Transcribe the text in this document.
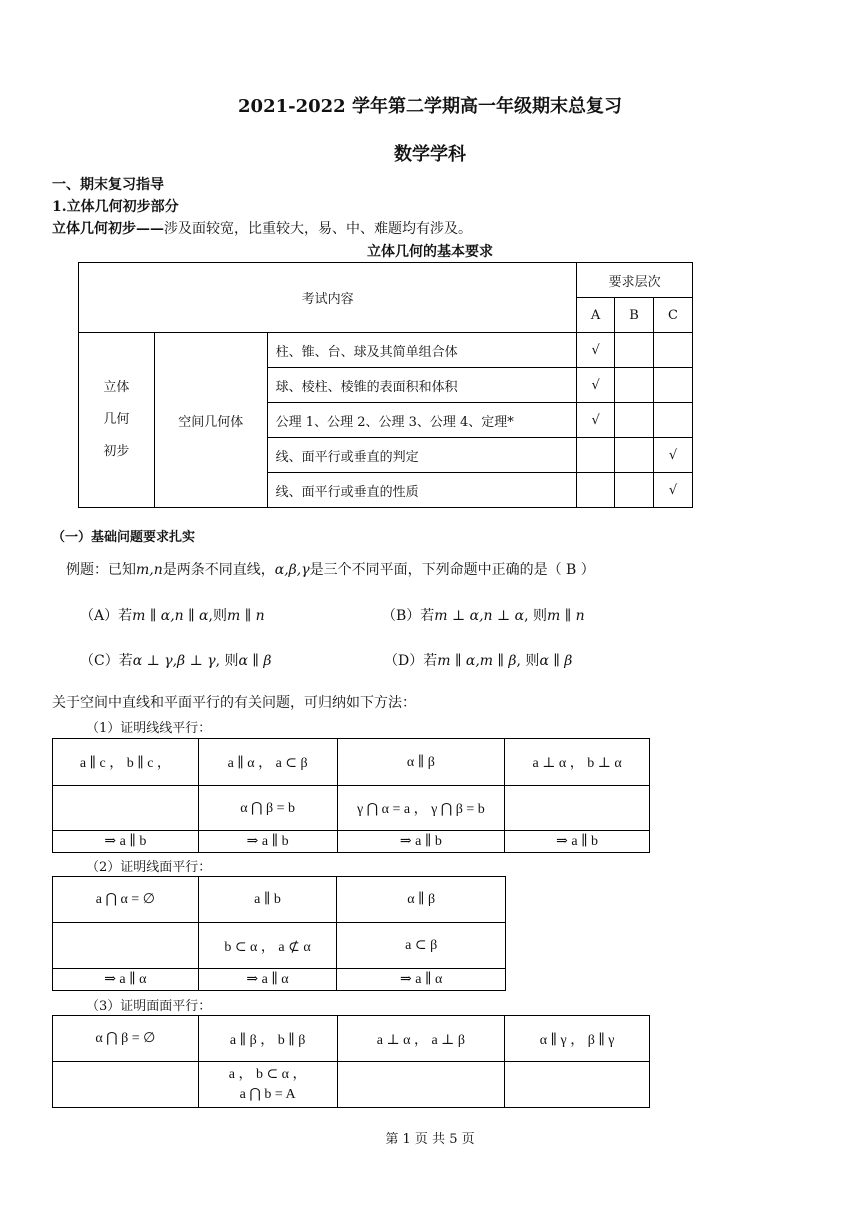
2021-2022 学年第二学期高一年级期末总复习
数学学科
一、期末复习指导
1.立体几何初步部分
立体几何初步——涉及面较宽，比重较大，易、中、难题均有涉及。
立体几何的基本要求
考试内容			要求层次		
			A	B	C

立体
几何
初步	空间几何体	柱、锥、台、球及其简单组合体	√		
		球、棱柱、棱锥的表面积和体积	√		
		公理 1、公理 2、公理 3、公理 4、定理*	√		
		线、面平行或垂直的判定			√
		线、面平行或垂直的性质			√
（一）基础问题要求扎实
例题：已知m,n是两条不同直线，α,β,γ是三个不同平面，下列命题中正确的是（ B ）
（A）若m ∥ α,n ∥ α,则m ∥ n	（B）若m ⊥ α,n ⊥ α, 则m ∥ n
（C）若α ⊥ γ,β ⊥ γ, 则α ∥ β	（D）若m ∥ α,m ∥ β, 则α ∥ β
关于空间中直线和平面平行的有关问题，可归纳如下方法：
（1）证明线线平行：
a ∥ c ， b ∥ c ，	a ∥ α ， a ⊂ β	α ∥ β	a ⊥ α ， b ⊥ α
	α ⋂ β = b	γ ⋂ α = a ， γ ⋂ β = b	
⇒ a ∥ b	⇒ a ∥ b	⇒ a ∥ b	⇒ a ∥ b
（2）证明线面平行：
a ⋂ α = ∅	a ∥ b	α ∥ β
	b ⊂ α ， a ⊄ α	a ⊂ β
⇒ a ∥ α	⇒ a ∥ α	⇒ a ∥ α
（3）证明面面平行：
α ⋂ β = ∅	a ∥ β ， b ∥ β	a ⊥ α ， a ⊥ β	α ∥ γ ， β ∥ γ

	a ， b ⊂ α ，
a ⋂ b = A		

第 1 页 共 5 页
